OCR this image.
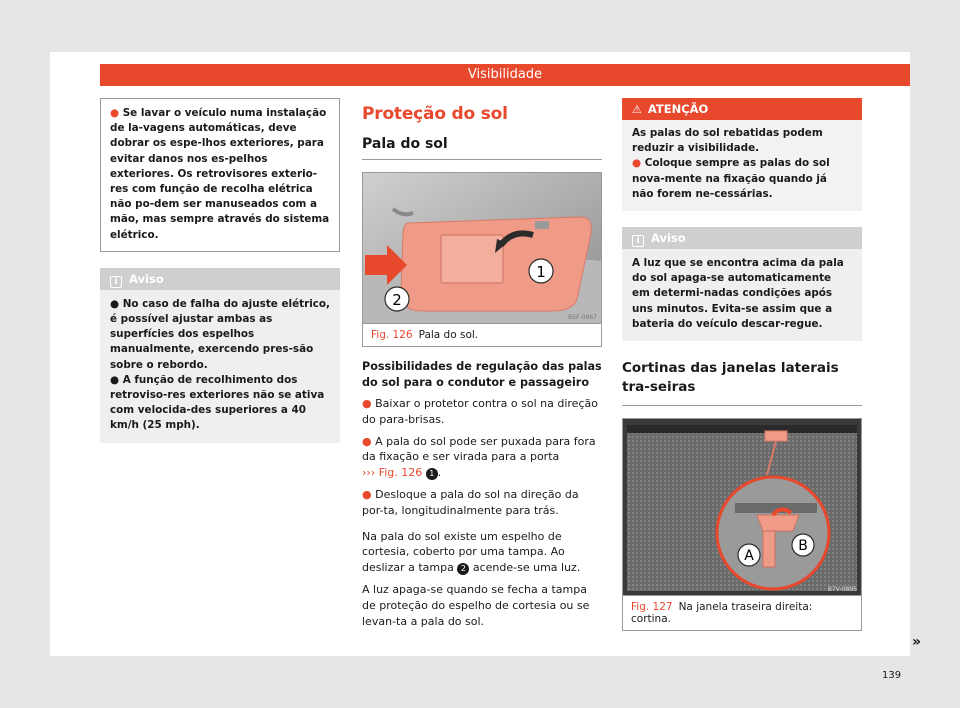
Visibilidade
● Se lavar o veículo numa instalação de la-vagens automáticas, deve dobrar os espe-lhos exteriores, para evitar danos nos es-pelhos exteriores. Os retrovisores exterio-res com função de recolha elétrica não po-dem ser manuseados com a mão, mas sempre através do sistema elétrico.
i Aviso
● No caso de falha do ajuste elétrico, é possível ajustar ambas as superfícies dos espelhos manualmente, exercendo pres-são sobre o rebordo.
● A função de recolhimento dos retroviso-res exteriores não se ativa com velocida-des superiores a 40 km/h (25 mph).
Proteção do sol
Pala do sol
1
2
B5F-0967
Fig. 126 Pala do sol.
Possibilidades de regulação das palas do sol para o condutor e passageiro
● Baixar o protetor contra o sol na direção do para-brisas.
● A pala do sol pode ser puxada para fora da fixação e ser virada para a porta
››› Fig. 126 1 .
● Desloque a pala do sol na direção da por-ta, longitudinalmente para trás.
Na pala do sol existe um espelho de cortesia, coberto por uma tampa. Ao deslizar a tampa 2 acende-se uma luz.
A luz apaga-se quando se fecha a tampa de proteção do espelho de cortesia ou se levan-ta a pala do sol.
⚠ ATENÇÃO
As palas do sol rebatidas podem reduzir a visibilidade.
● Coloque sempre as palas do sol nova-mente na fixação quando já não forem ne-cessárias.
i Aviso
A luz que se encontra acima da pala do sol apaga-se automaticamente em determi-nadas condições após uns minutos. Evita-se assim que a bateria do veículo descar-regue.
Cortinas das janelas laterais tra-seiras
A
B
B7V-0895
Fig. 127 Na janela traseira direita: cortina.
»
139
